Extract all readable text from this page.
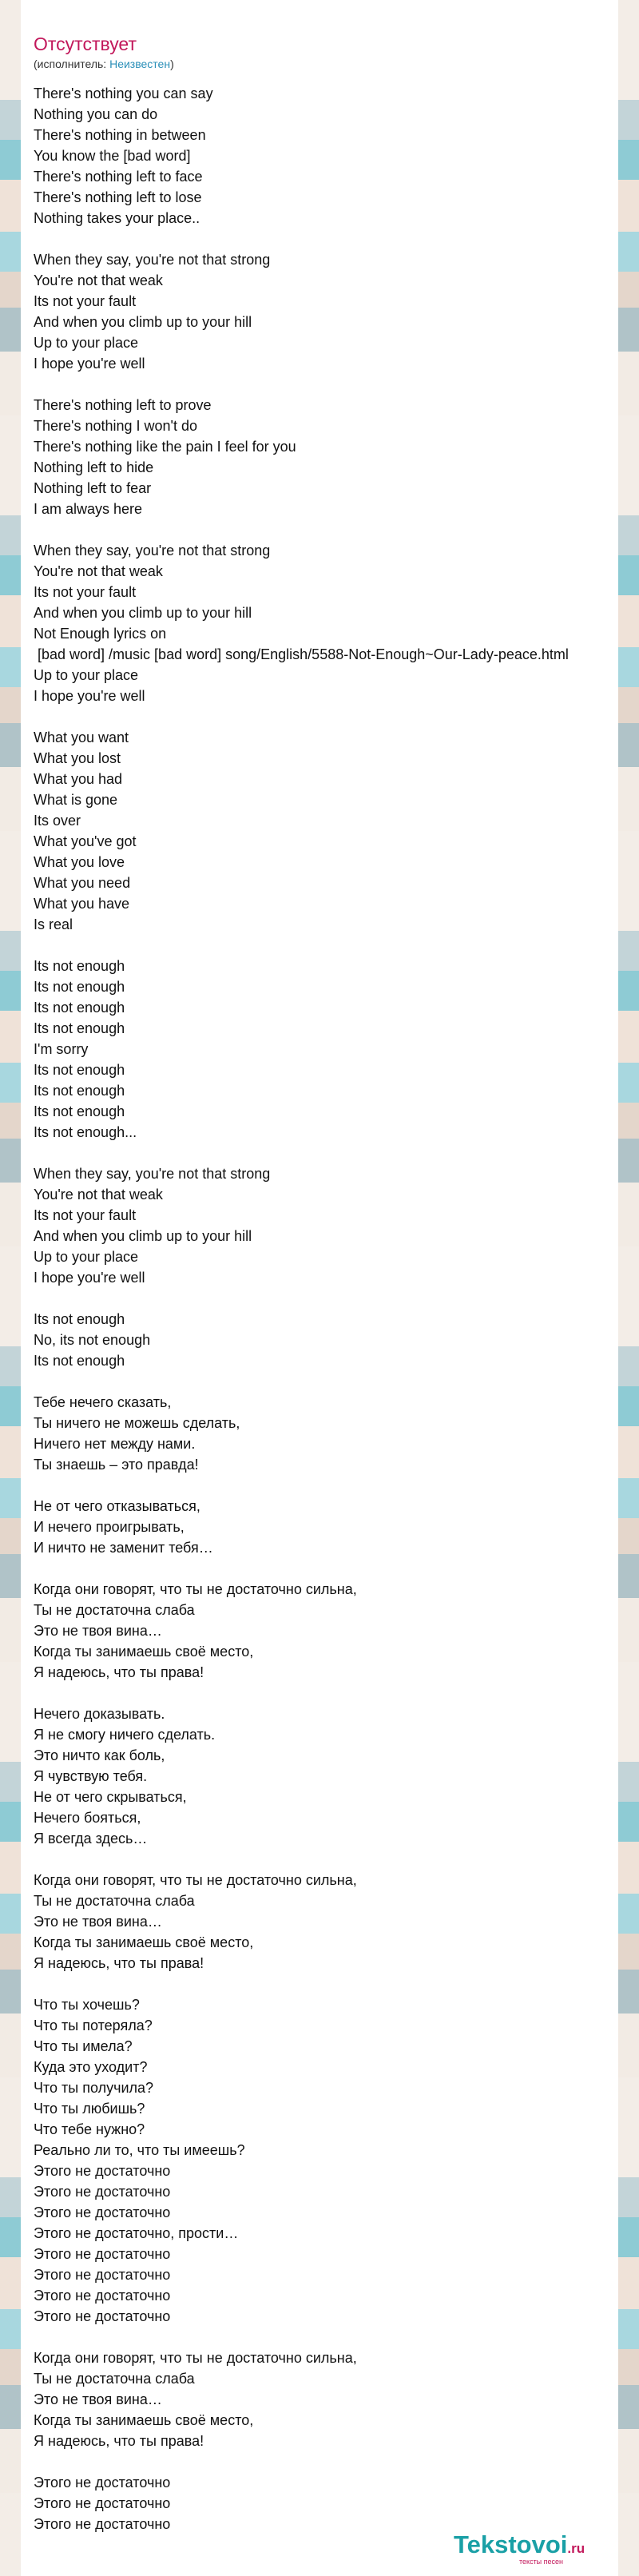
Отсутствует
(исполнитель: Неизвестен)

There's nothing you can say
Nothing you can do
There's nothing in between
You know the [bad word]
There's nothing left to face
There's nothing left to lose
Nothing takes your place..

When they say, you're not that strong
You're not that weak
Its not your fault
And when you climb up to your hill
Up to your place
I hope you're well

There's nothing left to prove
There's nothing I won't do
There's nothing like the pain I feel for you
Nothing left to hide
Nothing left to fear
I am always here

When they say, you're not that strong
You're not that weak
Its not your fault
And when you climb up to your hill
Not Enough lyrics on
[bad word] /music [bad word] song/English/5588-Not-Enough~Our-Lady-peace.html
Up to your place
I hope you're well

What you want
What you lost
What you had
What is gone
Its over
What you've got
What you love
What you need
What you have
Is real

Its not enough
Its not enough
Its not enough
Its not enough
I'm sorry
Its not enough
Its not enough
Its not enough
Its not enough...

When they say, you're not that strong
You're not that weak
Its not your fault
And when you climb up to your hill
Up to your place
I hope you're well

Its not enough
No, its not enough
Its not enough

Тебе нечего сказать,
Ты ничего не можешь сделать,
Ничего нет между нами.
Ты знаешь – это правда!

Не от чего отказываться,
И нечего проигрывать,
И ничто не заменит тебя…

Когда они говорят, что ты не достаточно сильна,
Ты не достаточна слаба
Это не твоя вина…
Когда ты занимаешь своё место,
Я надеюсь, что ты права!

Нечего доказывать.
Я не смогу ничего сделать.
Это ничто как боль,
Я чувствую тебя.
Не от чего скрываться,
Нечего бояться,
Я всегда здесь…

Когда они говорят, что ты не достаточно сильна,
Ты не достаточна слаба
Это не твоя вина…
Когда ты занимаешь своё место,
Я надеюсь, что ты права!

Что ты хочешь?
Что ты потеряла?
Что ты имела?
Куда это уходит?
Что ты получила?
Что ты любишь?
Что тебе нужно?
Реально ли то, что ты имеешь?
Этого не достаточно
Этого не достаточно
Этого не достаточно
Этого не достаточно, прости…
Этого не достаточно
Этого не достаточно
Этого не достаточно
Этого не достаточно

Когда они говорят, что ты не достаточно сильна,
Ты не достаточна слаба
Это не твоя вина…
Когда ты занимаешь своё место,
Я надеюсь, что ты права!

Этого не достаточно
Этого не достаточно
Этого не достаточно

Tekstovoi.ru
тексты песен
